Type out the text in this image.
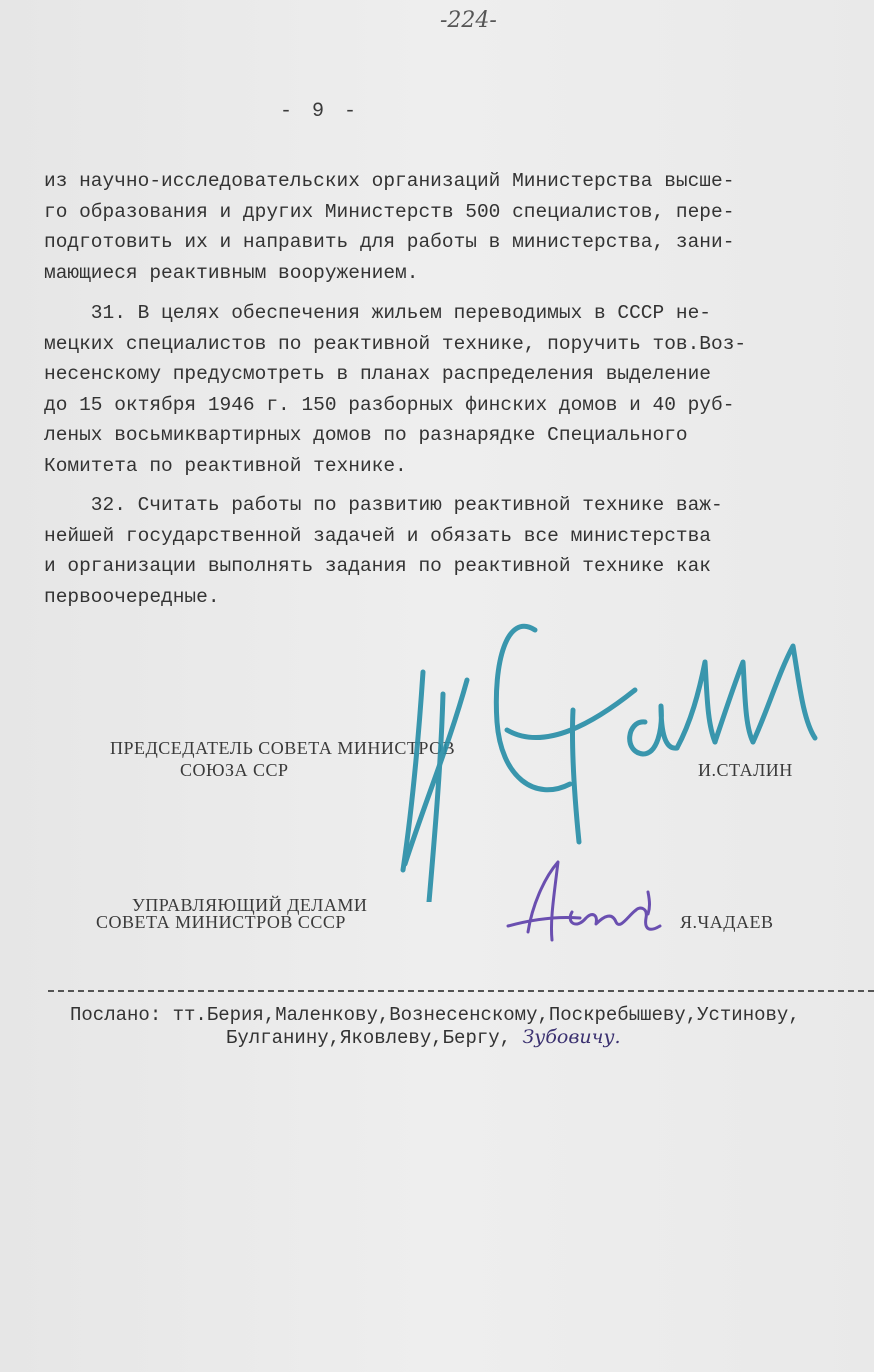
-224-
- 9 -
из научно-исследовательских организаций Министерства высше-
го образования и других Министерств 500 специалистов, пере-
подготовить их и направить для работы в министерства, зани-
мающиеся реактивным вооружением.
31. В целях обеспечения жильем переводимых в СССР не-
мецких специалистов по реактивной технике, поручить тов.Воз-
несенскому предусмотреть в планах распределения выделение
до 15 октября 1946 г. 150 разборных финских домов и 40 руб-
леных восьмиквартирных домов по разнарядке Специального
Комитета по реактивной технике.
32. Считать работы по развитию реактивной технике важ-
нейшей государственной задачей и обязать все министерства
и организации выполнять задания по реактивной технике как
первоочередные.
ПРЕДСЕДАТЕЛЬ СОВЕТА МИНИСТРОВ
СОЮЗА ССР	И.СТАЛИН
УПРАВЛЯЮЩИЙ ДЕЛАМИ
СОВЕТА МИНИСТРОВ СССР	Я.ЧАДАЕВ
Послано: тт.Берия,Маленкову,Вознесенскому,Поскребышеву,Устинову,
Булганину,Яковлеву,Бергу, Зубовичу.
